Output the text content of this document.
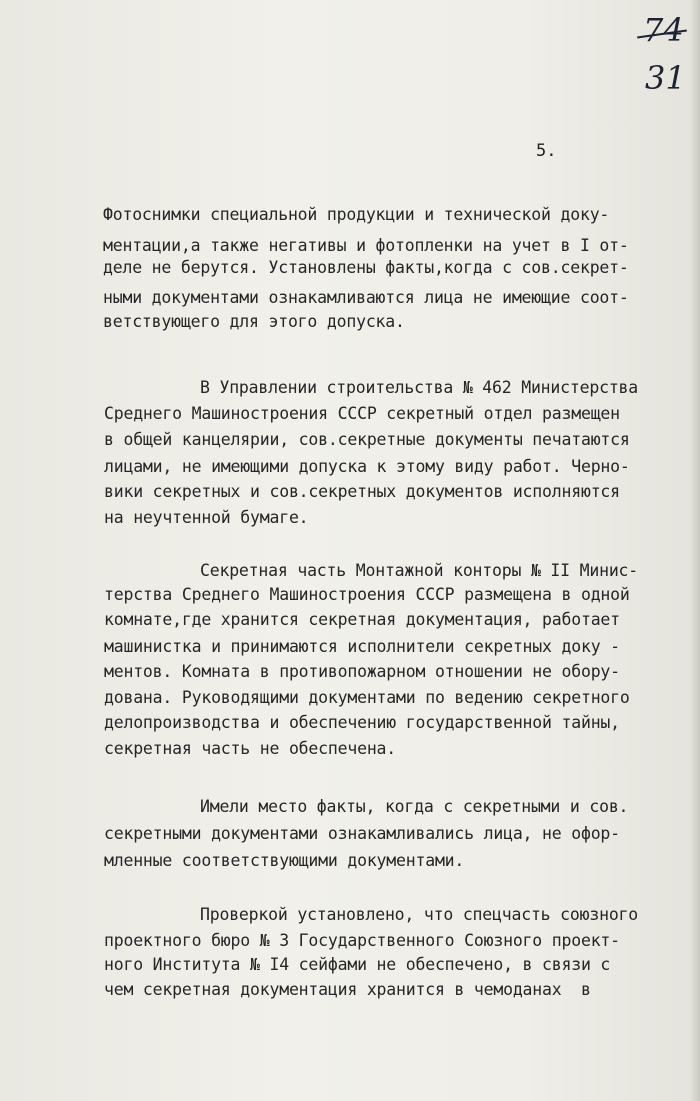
74
31
5.
Фотоснимки специальной продукции и технической доку-
ментации,а также негативы и фотопленки на учет в I от-
деле не берутся. Установлены факты,когда с сов.секрет-
ными документами ознакамливаются лица не имеющие соот-
ветствующего для этого допуска.
В Управлении строительства № 462 Министерства
Среднего Машиностроения СССР секретный отдел размещен
в общей канцелярии, сов.секретные документы печатаются
лицами, не имеющими допуска к этому виду работ. Черно-
вики секретных и сов.секретных документов исполняются
на неучтенной бумаге.
Секретная часть Монтажной конторы № II Минис-
терства Среднего Машиностроения СССР размещена в одной
комнате,где хранится секретная документация, работает
машинистка и принимаются исполнители секретных доку -
ментов. Комната в противопожарном отношении не обору-
дована. Руководящими документами по ведению секретного
делопроизводства и обеспечению государственной тайны,
секретная часть не обеспечена.
Имели место факты, когда с секретными и сов.
секретными документами ознакамливались лица, не офор-
мленные соответствующими документами.
Проверкой установлено, что спецчасть союзного
проектного бюро № 3 Государственного Союзного проект-
ного Института № I4 сейфами не обеспечено, в связи с
чем секретная документация хранится в чемоданах  в
